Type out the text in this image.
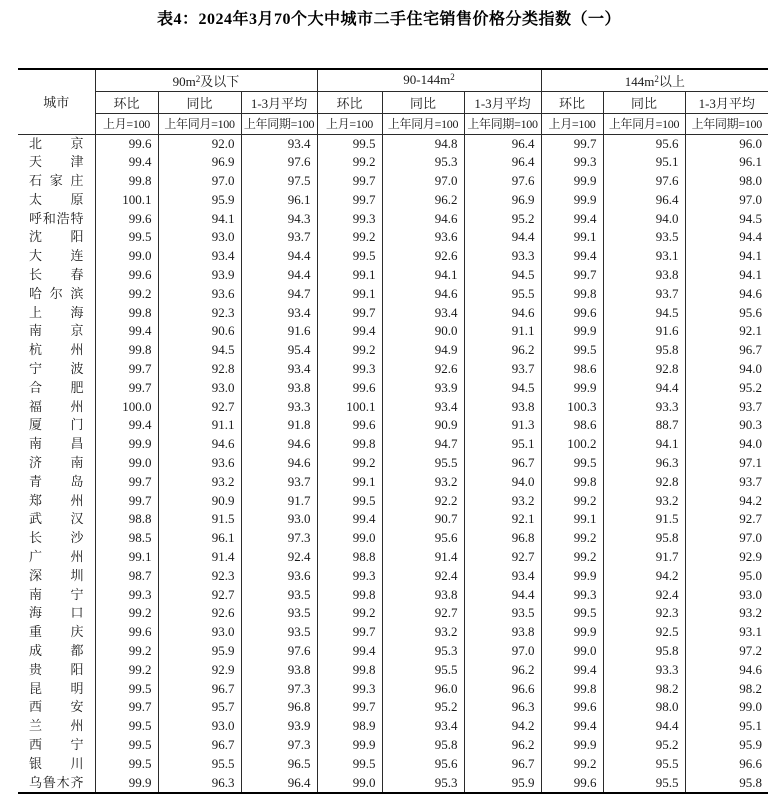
表4：2024年3月70个大中城市二手住宅销售价格分类指数（一）
城市	$90m^2$及以下			$90-144m^2$			$144m^2$以上		
	环比	同比	1-3月平均	环比	同比	1-3月平均	环比	同比	1-3月平均
	上月=100	上年同月=100	上年同期=100	上月=100	上年同月=100	上年同期=100	上月=100	上年同月=100	上年同期=100
北京	99.6	92.0	93.4	99.5	94.8	96.4	99.7	95.6	96.0
天津	99.4	96.9	97.6	99.2	95.3	96.4	99.3	95.1	96.1
石家庄	99.8	97.0	97.5	99.7	97.0	97.6	99.9	97.6	98.0
太原	100.1	95.9	96.1	99.7	96.2	96.9	99.9	96.4	97.0
呼和浩特	99.6	94.1	94.3	99.3	94.6	95.2	99.4	94.0	94.5
沈阳	99.5	93.0	93.7	99.2	93.6	94.4	99.1	93.5	94.4
大连	99.0	93.4	94.4	99.5	92.6	93.3	99.4	93.1	94.1
长春	99.6	93.9	94.4	99.1	94.1	94.5	99.7	93.8	94.1
哈尔滨	99.2	93.6	94.7	99.1	94.6	95.5	99.8	93.7	94.6
上海	99.8	92.3	93.4	99.7	93.4	94.6	99.6	94.5	95.6
南京	99.4	90.6	91.6	99.4	90.0	91.1	99.9	91.6	92.1
杭州	99.8	94.5	95.4	99.2	94.9	96.2	99.5	95.8	96.7
宁波	99.7	92.8	93.4	99.3	92.6	93.7	98.6	92.8	94.0
合肥	99.7	93.0	93.8	99.6	93.9	94.5	99.9	94.4	95.2
福州	100.0	92.7	93.3	100.1	93.4	93.8	100.3	93.3	93.7
厦门	99.4	91.1	91.8	99.6	90.9	91.3	98.6	88.7	90.3
南昌	99.9	94.6	94.6	99.8	94.7	95.1	100.2	94.1	94.0
济南	99.0	93.6	94.6	99.2	95.5	96.7	99.5	96.3	97.1
青岛	99.7	93.2	93.7	99.1	93.2	94.0	99.8	92.8	93.7
郑州	99.7	90.9	91.7	99.5	92.2	93.2	99.2	93.2	94.2
武汉	98.8	91.5	93.0	99.4	90.7	92.1	99.1	91.5	92.7
长沙	98.5	96.1	97.3	99.0	95.6	96.8	99.2	95.8	97.0
广州	99.1	91.4	92.4	98.8	91.4	92.7	99.2	91.7	92.9
深圳	98.7	92.3	93.6	99.3	92.4	93.4	99.9	94.2	95.0
南宁	99.3	92.7	93.5	99.8	93.8	94.4	99.3	92.4	93.0
海口	99.2	92.6	93.5	99.2	92.7	93.5	99.5	92.3	93.2
重庆	99.6	93.0	93.5	99.7	93.2	93.8	99.9	92.5	93.1
成都	99.2	95.9	97.6	99.4	95.3	97.0	99.0	95.8	97.2
贵阳	99.2	92.9	93.8	99.8	95.5	96.2	99.4	93.3	94.6
昆明	99.5	96.7	97.3	99.3	96.0	96.6	99.8	98.2	98.2
西安	99.7	95.7	96.8	99.7	95.2	96.3	99.6	98.0	99.0
兰州	99.5	93.0	93.9	98.9	93.4	94.2	99.4	94.4	95.1
西宁	99.5	96.7	97.3	99.9	95.8	96.2	99.9	95.2	95.9
银川	99.5	95.5	96.5	99.5	95.6	96.7	99.2	95.5	96.6
乌鲁木齐	99.9	96.3	96.4	99.0	95.3	95.9	99.6	95.5	95.8
